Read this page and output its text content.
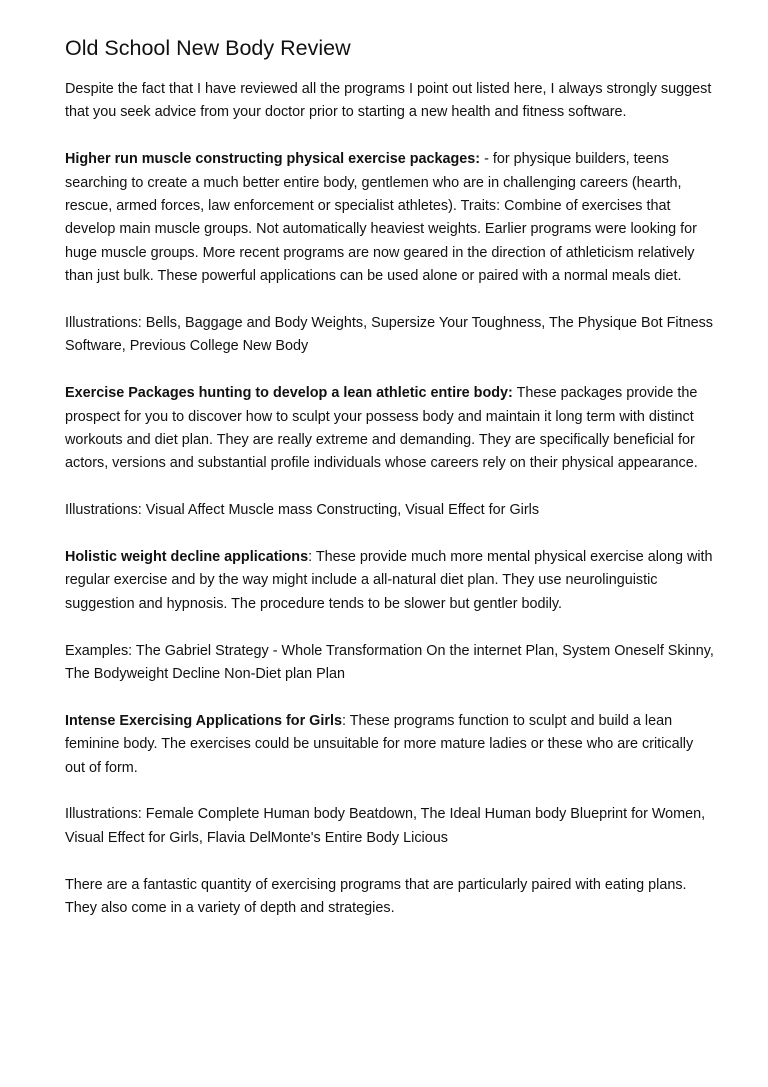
Old School New Body Review

Despite the fact that I have reviewed all the programs I point out listed here, I always strongly suggest that you seek advice from your doctor prior to starting a new health and fitness software.

Higher run muscle constructing physical exercise packages: - for physique builders, teens searching to create a much better entire body, gentlemen who are in challenging careers (hearth, rescue, armed forces, law enforcement or specialist athletes). Traits: Combine of exercises that develop main muscle groups. Not automatically heaviest weights. Earlier programs were looking for huge muscle groups. More recent programs are now geared in the direction of athleticism relatively than just bulk. These powerful applications can be used alone or paired with a normal meals diet.

Illustrations: Bells, Baggage and Body Weights, Supersize Your Toughness, The Physique Bot Fitness Software, Previous College New Body

Exercise Packages hunting to develop a lean athletic entire body: These packages provide the prospect for you to discover how to sculpt your possess body and maintain it long term with distinct workouts and diet plan. They are really extreme and demanding. They are specifically beneficial for actors, versions and substantial profile individuals whose careers rely on their physical appearance.

Illustrations: Visual Affect Muscle mass Constructing, Visual Effect for Girls

Holistic weight decline applications: These provide much more mental physical exercise along with regular exercise and by the way might include a all-natural diet plan. They use neurolinguistic suggestion and hypnosis. The procedure tends to be slower but gentler bodily.

Examples: The Gabriel Strategy - Whole Transformation On the internet Plan, System Oneself Skinny, The Bodyweight Decline Non-Diet plan Plan

Intense Exercising Applications for Girls: These programs function to sculpt and build a lean feminine body. The exercises could be unsuitable for more mature ladies or these who are critically out of form.

Illustrations: Female Complete Human body Beatdown, The Ideal Human body Blueprint for Women, Visual Effect for Girls, Flavia DelMonte's Entire Body Licious

There are a fantastic quantity of exercising programs that are particularly paired with eating plans. They also come in a variety of depth and strategies.
